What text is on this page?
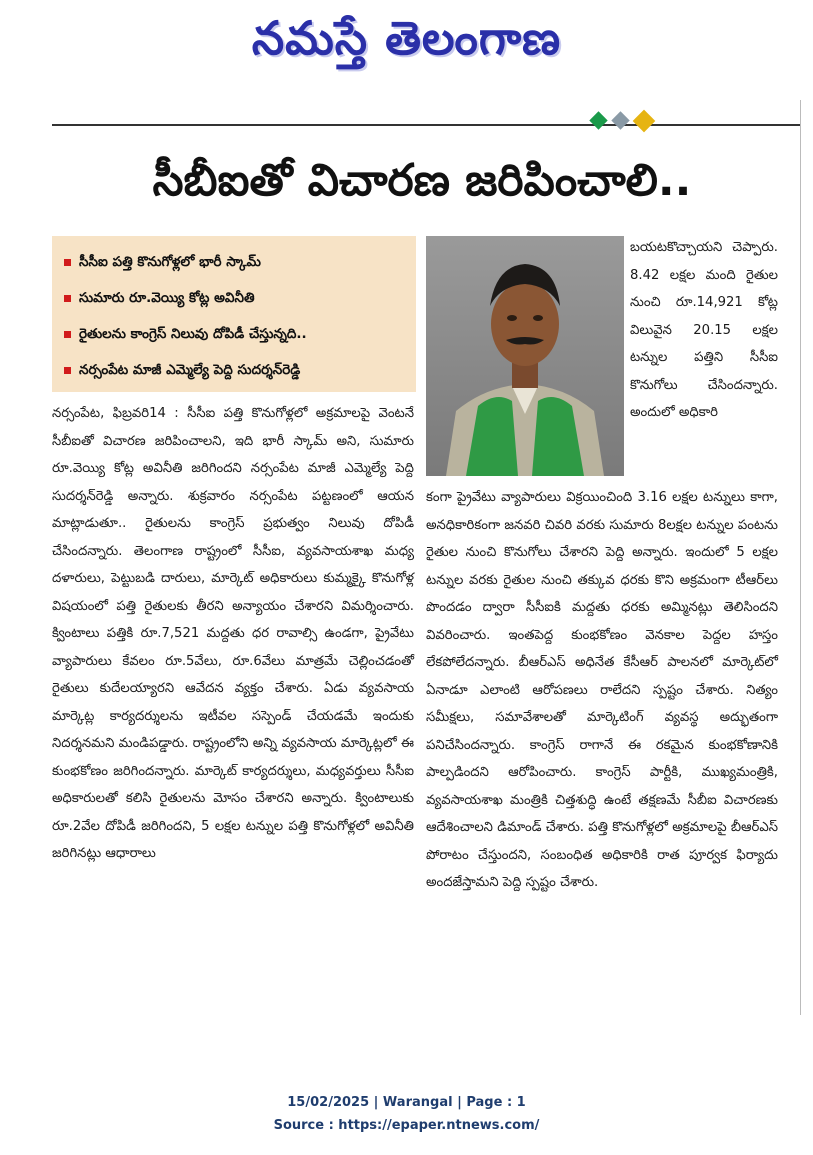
నమస్తే తెలంగాణ
సీబీఐతో విచారణ జరిపించాలి..
సీసీఐ పత్తి కొనుగోళ్లలో భారీ స్కామ్
సుమారు రూ.వెయ్యి కోట్ల అవినీతి
రైతులను కాంగ్రెస్ నిలువు దోపిడీ చేస్తున్నది..
నర్సంపేట మాజీ ఎమ్మెల్యే పెద్ది సుదర్శన్‌రెడ్డి

బయటకొచ్చాయని చెప్పారు. 8.42 లక్షల మంది రైతుల నుంచి రూ.14,921 కోట్ల విలువైన 20.15 లక్షల టన్నుల పత్తిని సీసీఐ కొనుగోలు చేసిందన్నారు. అందులో అధికారి

నర్సంపేట, ఫిబ్రవరి14 : సీసీఐ పత్తి కొనుగోళ్లలో అక్రమాలపై వెంటనే సీబీఐతో విచారణ జరిపించాలని, ఇది భారీ స్కామ్ అని, సుమారు రూ.వెయ్యి కోట్ల అవినీతి జరిగిందని నర్సంపేట మాజీ ఎమ్మెల్యే పెద్ది సుదర్శన్‌రెడ్డి అన్నారు. శుక్రవారం నర్సంపేట పట్టణంలో ఆయన మాట్లాడుతూ.. రైతులను కాంగ్రెస్ ప్రభుత్వం నిలువు దోపిడీ చేసిందన్నారు. తెలంగాణ రాష్ట్రంలో సీసీఐ, వ్యవసాయశాఖ మధ్య దళారులు, పెట్టుబడి దారులు, మార్కెట్ అధికారులు కుమ్మక్కై కొనుగోళ్ల విషయంలో పత్తి రైతులకు తీరని అన్యాయం చేశారని విమర్శించారు. క్వింటాలు పత్తికి రూ.7,521 మద్దతు ధర రావాల్సి ఉండగా, ప్రైవేటు వ్యాపారులు కేవలం రూ.5వేలు, రూ.6వేలు మాత్రమే చెల్లించడంతో రైతులు కుదేలయ్యారని ఆవేదన వ్యక్తం చేశారు. ఏడు వ్యవసాయ మార్కెట్ల కార్యదర్శులను ఇటీవల సస్పెండ్ చేయడమే ఇందుకు నిదర్శనమని మండిపడ్డారు. రాష్ట్రంలోని అన్ని వ్యవసాయ మార్కెట్లలో ఈ కుంభకోణం జరిగిందన్నారు. మార్కెట్ కార్యదర్శులు, మధ్యవర్తులు సీసీఐ అధికారులతో కలిసి రైతులను మోసం చేశారని అన్నారు. క్వింటాలుకు రూ.2వేల దోపిడీ జరిగిందని, 5 లక్షల టన్నుల పత్తి కొనుగోళ్లలో అవినీతి జరిగినట్లు ఆధారాలు

కంగా ప్రైవేటు వ్యాపారులు విక్రయించింది 3.16 లక్షల టన్నులు కాగా, అనధికారికంగా జనవరి చివరి వరకు సుమారు 8లక్షల టన్నుల పంటను రైతుల నుంచి కొనుగోలు చేశారని పెద్ది అన్నారు. ఇందులో 5 లక్షల టన్నుల వరకు రైతుల నుంచి తక్కువ ధరకు కొని అక్రమంగా టీఆర్‌లు పొందడం ద్వారా సీసీఐకి మద్దతు ధరకు అమ్మినట్లు తెలిసిందని వివరించారు. ఇంతపెద్ద కుంభకోణం వెనకాల పెద్దల హస్తం లేకపోలేదన్నారు. బీఆర్‌ఎస్ అధినేత కేసీఆర్ పాలనలో మార్కెట్‌లో ఏనాడూ ఎలాంటి ఆరోపణలు రాలేదని స్పష్టం చేశారు. నిత్యం సమీక్షలు, సమావేశాలతో మార్కెటింగ్ వ్యవస్థ అద్భుతంగా పనిచేసిందన్నారు. కాంగ్రెస్ రాగానే ఈ రకమైన కుంభకోణానికి పాల్పడిందని ఆరోపించారు. కాంగ్రెస్ పార్టీకి, ముఖ్యమంత్రికి, వ్యవసాయశాఖ మంత్రికి చిత్తశుద్ధి ఉంటే తక్షణమే సీబీఐ విచారణకు ఆదేశించాలని డిమాండ్ చేశారు. పత్తి కొనుగోళ్లలో అక్రమాలపై బీఆర్‌ఎస్ పోరాటం చేస్తుందని, సంబంధిత అధికారికి రాత పూర్వక ఫిర్యాదు అందజేస్తామని పెద్ది స్పష్టం చేశారు.

15/02/2025 | Warangal | Page : 1
Source : https://epaper.ntnews.com/
